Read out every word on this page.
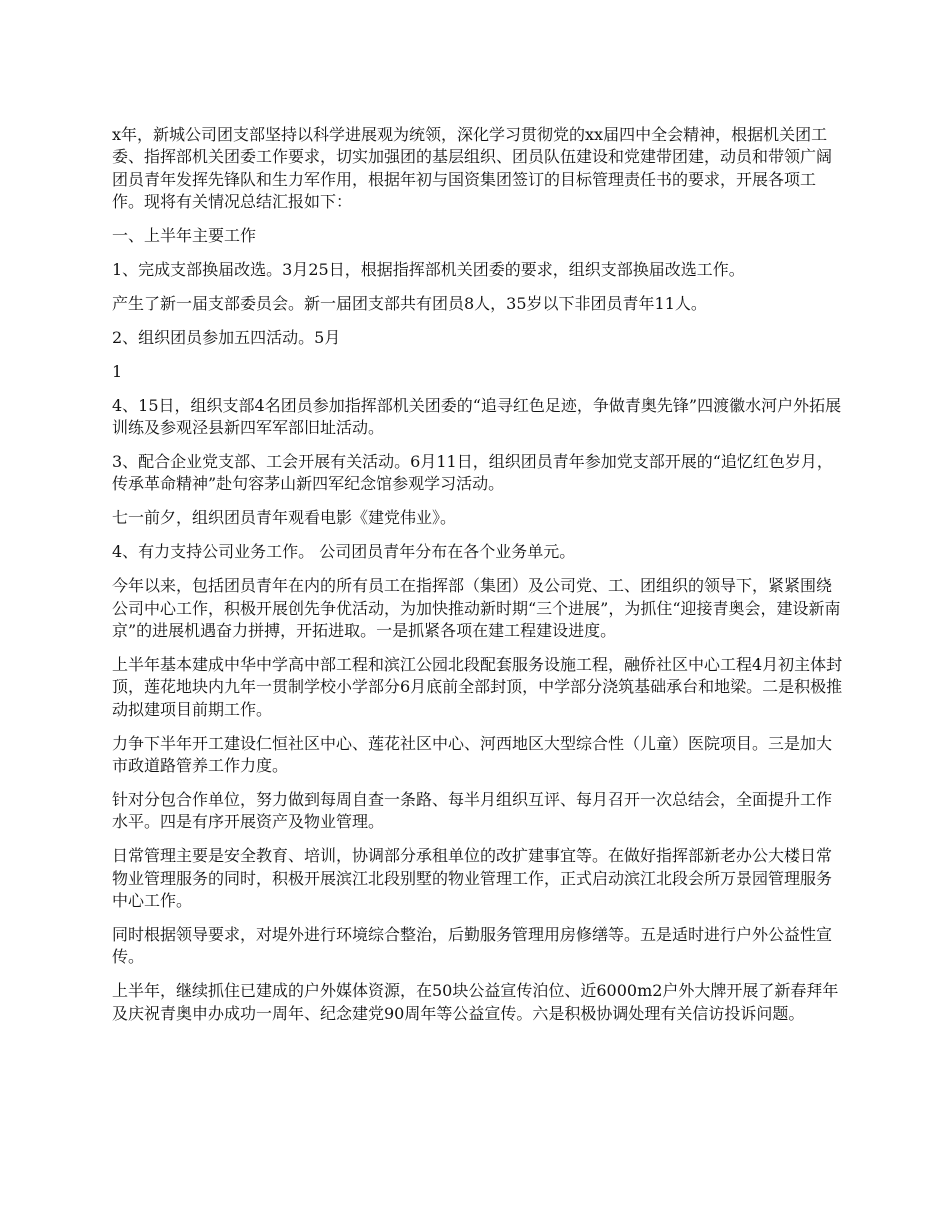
x年，新城公司团支部坚持以科学进展观为统领，深化学习贯彻党的xx届四中全会精神，根据机关团工委、指挥部机关团委工作要求，切实加强团的基层组织、团员队伍建设和党建带团建，动员和带领广阔团员青年发挥先锋队和生力军作用，根据年初与国资集团签订的目标管理责任书的要求，开展各项工作。现将有关情况总结汇报如下：

一、上半年主要工作

1、完成支部换届改选。3月25日，根据指挥部机关团委的要求，组织支部换届改选工作。

产生了新一届支部委员会。新一届团支部共有团员8人，35岁以下非团员青年11人。

2、组织团员参加五四活动。5月

1

4、15日，组织支部4名团员参加指挥部机关团委的“追寻红色足迹，争做青奥先锋”四渡徽水河户外拓展训练及参观泾县新四军军部旧址活动。

3、配合企业党支部、工会开展有关活动。6月11日，组织团员青年参加党支部开展的“追忆红色岁月，传承革命精神”赴句容茅山新四军纪念馆参观学习活动。

七一前夕，组织团员青年观看电影《建党伟业》。

4、有力支持公司业务工作。 公司团员青年分布在各个业务单元。

今年以来，包括团员青年在内的所有员工在指挥部（集团）及公司党、工、团组织的领导下，紧紧围绕公司中心工作，积极开展创先争优活动，为加快推动新时期“三个进展”，为抓住“迎接青奥会，建设新南京”的进展机遇奋力拼搏，开拓进取。一是抓紧各项在建工程建设进度。

上半年基本建成中华中学高中部工程和滨江公园北段配套服务设施工程，融侨社区中心工程4月初主体封顶，莲花地块内九年一贯制学校小学部分6月底前全部封顶，中学部分浇筑基础承台和地梁。二是积极推动拟建项目前期工作。

力争下半年开工建设仁恒社区中心、莲花社区中心、河西地区大型综合性（儿童）医院项目。三是加大市政道路管养工作力度。

针对分包合作单位，努力做到每周自查一条路、每半月组织互评、每月召开一次总结会，全面提升工作水平。四是有序开展资产及物业管理。

日常管理主要是安全教育、培训，协调部分承租单位的改扩建事宜等。在做好指挥部新老办公大楼日常物业管理服务的同时，积极开展滨江北段别墅的物业管理工作，正式启动滨江北段会所万景园管理服务中心工作。

同时根据领导要求，对堤外进行环境综合整治，后勤服务管理用房修缮等。五是适时进行户外公益性宣传。

上半年，继续抓住已建成的户外媒体资源，在50块公益宣传泊位、近6000m2户外大牌开展了新春拜年及庆祝青奥申办成功一周年、纪念建党90周年等公益宣传。六是积极协调处理有关信访投诉问题。
